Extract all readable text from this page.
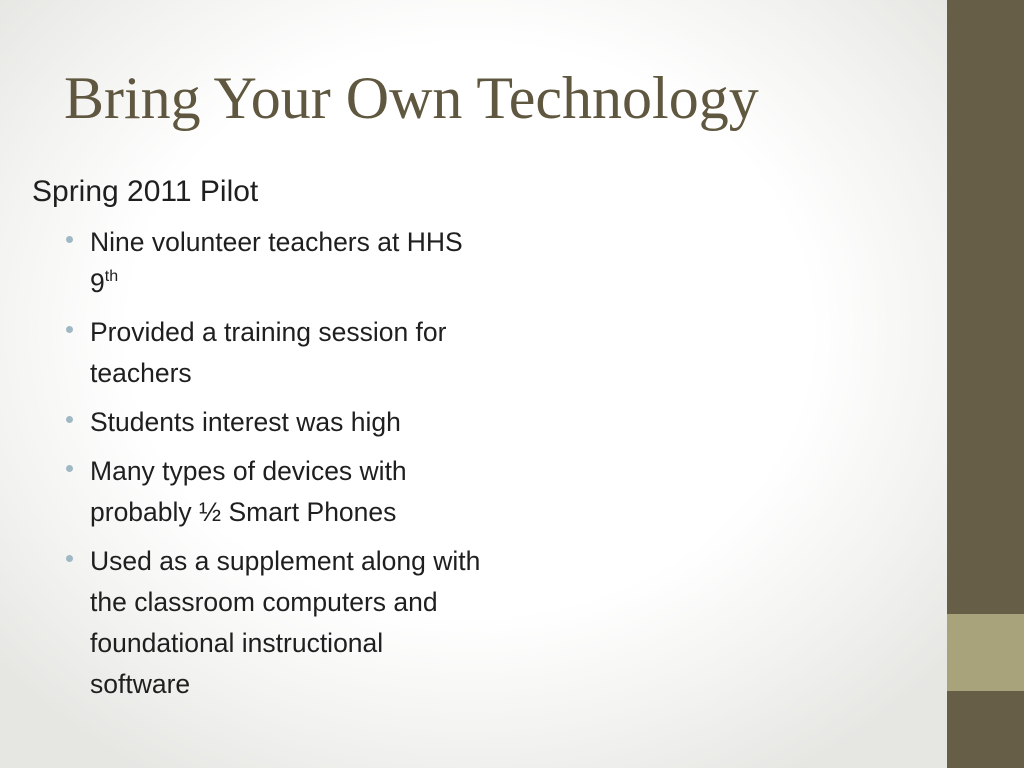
Bring Your Own Technology
Spring 2011 Pilot
Nine volunteer teachers at HHS 9th
Provided a training session for teachers
Students interest was high
Many types of devices with probably ½ Smart Phones
Used as a supplement along with the classroom computers and foundational instructional software
